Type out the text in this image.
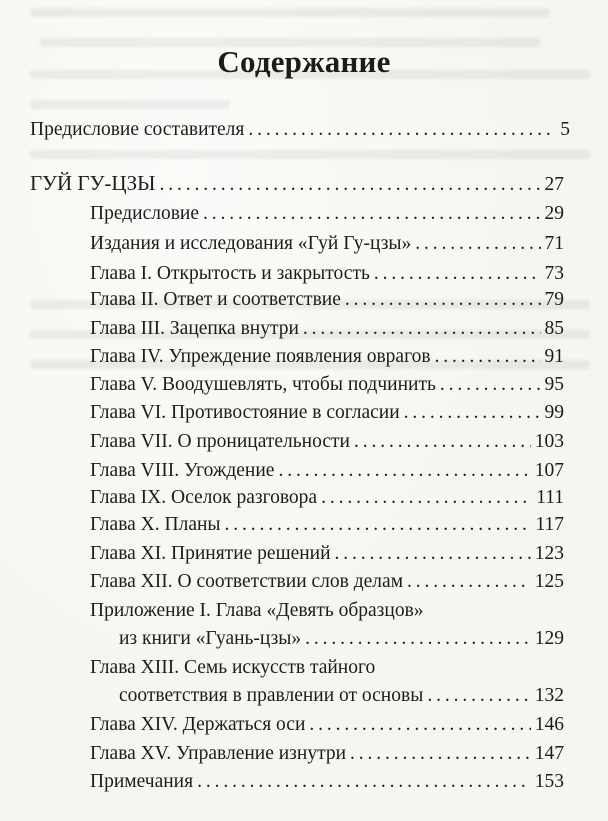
Содержание
Предисловие составителя . . .	5
ГУЙ ГУ-ЦЗЫ . . .	27
Предисловие . . .	29
Издания и исследования «Гуй Гу-цзы» . . .	71
Глава I. Открытость и закрытость . . .	73
Глава II. Ответ и соответствие . . .	79
Глава III. Зацепка внутри . . .	85
Глава IV. Упреждение появления оврагов . . .	91
Глава V. Воодушевлять, чтобы подчинить . . .	95
Глава VI. Противостояние в согласии . . .	99
Глава VII. О проницательности . . .	103
Глава VIII. Угождение . . .	107
Глава IX. Оселок разговора . . .	111
Глава X. Планы . . .	117
Глава XI. Принятие решений . . .	123
Глава XII. О соответствии слов делам . . .	125
Приложение I. Глава «Девять образцов»
из книги «Гуань-цзы» . . .	129
Глава XIII. Семь искусств тайного
соответствия в правлении от основы . . .	132
Глава XIV. Держаться оси . . .	146
Глава XV. Управление изнутри . . .	147
Примечания . . .	153
